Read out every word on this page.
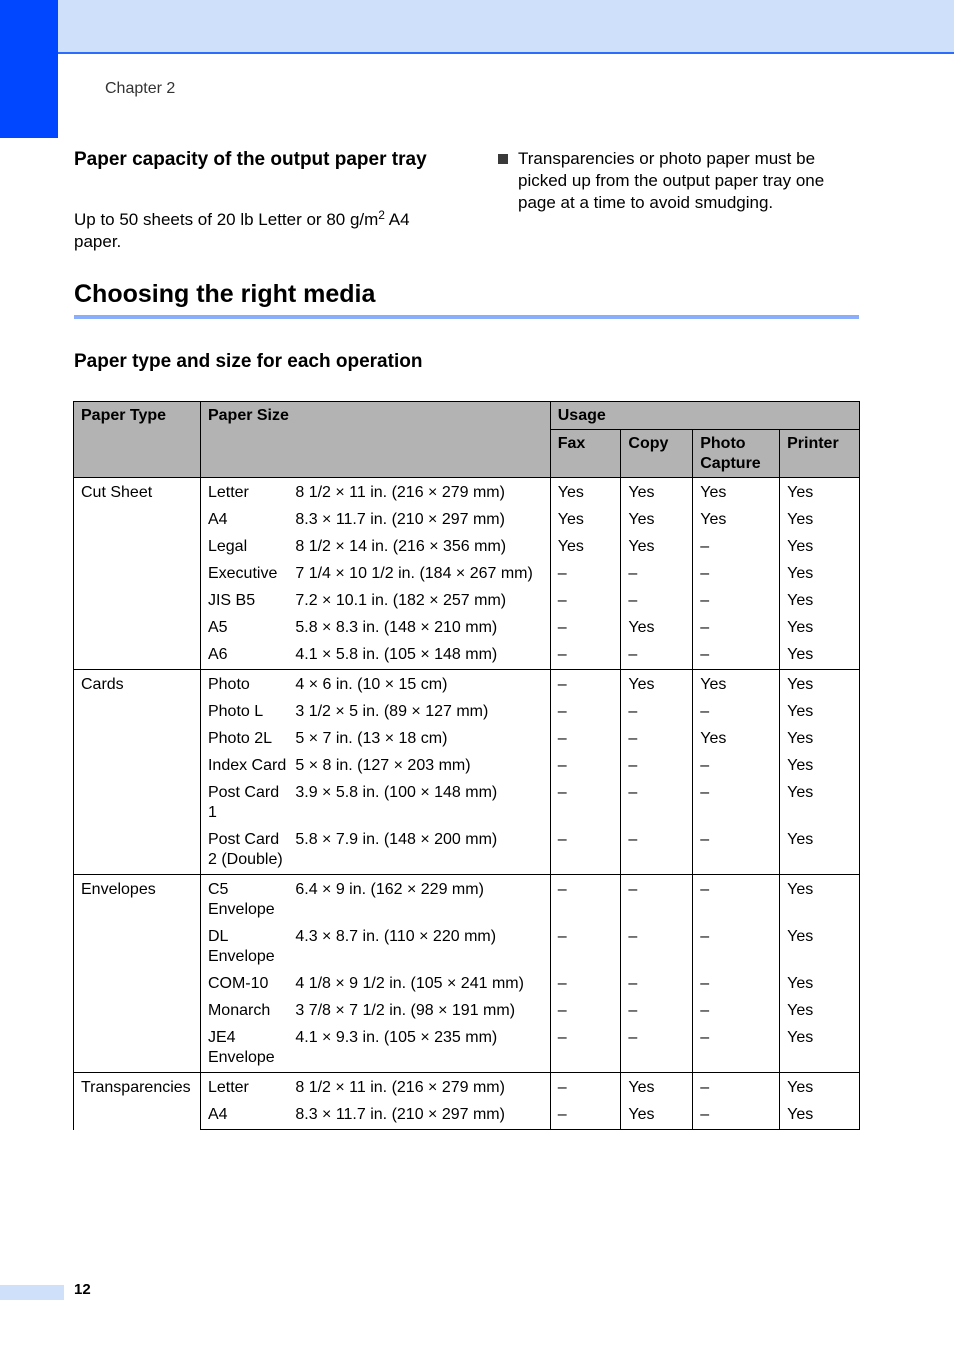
Chapter 2
Paper capacity of the output paper tray
Up to 50 sheets of 20 lb Letter or 80 $g/m^2$ A4 paper.
Transparencies or photo paper must be picked up from the output paper tray one page at a time to avoid smudging.
Choosing the right media
Paper type and size for each operation
Paper Type	Paper Size		Usage			
			Fax	Copy	Photo Capture	Printer
Cut Sheet	Letter	8 1/2 × 11 in. (216 × 279 mm)	Yes	Yes	Yes	Yes
	A4	8.3 × 11.7 in. (210 × 297 mm)	Yes	Yes	Yes	Yes
	Legal	8 1/2 × 14 in. (216 × 356 mm)	Yes	Yes	–	Yes
	Executive	7 1/4 × 10 1/2 in. (184 × 267 mm)	–	–	–	Yes
	JIS B5	7.2 × 10.1 in. (182 × 257 mm)	–	–	–	Yes
	A5	5.8 × 8.3 in. (148 × 210 mm)	–	Yes	–	Yes
	A6	4.1 × 5.8 in. (105 × 148 mm)	–	–	–	Yes
Cards	Photo	4 × 6 in. (10 × 15 cm)	–	Yes	Yes	Yes
	Photo L	3 1/2 × 5 in. (89 × 127 mm)	–	–	–	Yes
	Photo 2L	5 × 7 in. (13 × 18 cm)	–	–	Yes	Yes
	Index Card	5 × 8 in. (127 × 203 mm)	–	–	–	Yes
	Post Card 1	3.9 × 5.8 in. (100 × 148 mm)	–	–	–	Yes
	Post Card 2 (Double)	5.8 × 7.9 in. (148 × 200 mm)	–	–	–	Yes
Envelopes	C5 Envelope	6.4 × 9 in. (162 × 229 mm)	–	–	–	Yes
	DL Envelope	4.3 × 8.7 in. (110 × 220 mm)	–	–	–	Yes
	COM-10	4 1/8 × 9 1/2 in. (105 × 241 mm)	–	–	–	Yes
	Monarch	3 7/8 × 7 1/2 in. (98 × 191 mm)	–	–	–	Yes
	JE4 Envelope	4.1 × 9.3 in. (105 × 235 mm)	–	–	–	Yes
Transparencies	Letter	8 1/2 × 11 in. (216 × 279 mm)	–	Yes	–	Yes
	A4	8.3 × 11.7 in. (210 × 297 mm)	–	Yes	–	Yes
12
